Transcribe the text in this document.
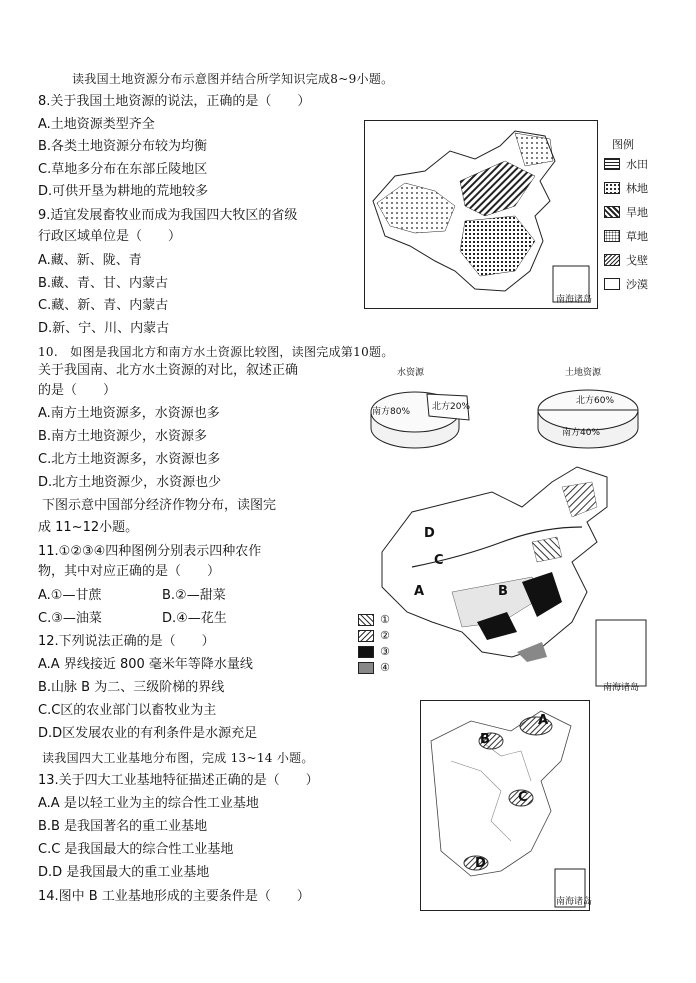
读我国土地资源分布示意图并结合所学知识完成8~9小题。
8.关于我国土地资源的说法，正确的是（　　）
A.土地资源类型齐全
B.各类土地资源分布较为均衡
C.草地多分布在东部丘陵地区
D.可供开垦为耕地的荒地较多
9.适宜发展畜牧业而成为我国四大牧区的省级
行政区域单位是（　　）
A.藏、新、陇、青
B.藏、青、甘、内蒙古
C.藏、新、青、内蒙古
D.新、宁、川、内蒙古
南海诸岛
图例
水田
林地
旱地
草地
戈壁
沙漠
10.　如图是我国北方和南方水土资源比较图，读图完成第10题。
关于我国南、北方水土资源的对比，叙述正确
的是（　　）
A.南方土地资源多，水资源也多
B.南方土地资源少，水资源多
C.北方土地资源多，水资源也多
D.北方土地资源少，水资源也少
水资源
南方80% 北方20%
土地资源
北方60%
南方40%
下图示意中国部分经济作物分布，读图完
成 11~12小题。
11.①②③④四种图例分别表示四种农作
物，其中对应正确的是（　　）
A.①—甘蔗	B.②—甜菜
C.③—油菜	D.④—花生
12.下列说法正确的是（　　）
A.A 界线接近 800 毫米年等降水量线
B.山脉 B 为二、三级阶梯的界线
C.C区的农业部门以畜牧业为主
D.D区发展农业的有利条件是水源充足
D
C
A	B
南海诸岛
①
②
③
④
读我国四大工业基地分布图，完成 13~14 小题。
13.关于四大工业基地特征描述正确的是（　　）
A.A 是以轻工业为主的综合性工业基地
B.B 是我国著名的重工业基地
C.C 是我国最大的综合性工业基地
D.D 是我国最大的重工业基地
14.图中 B 工业基地形成的主要条件是（　　）
A
B
C
D
南海诸岛
